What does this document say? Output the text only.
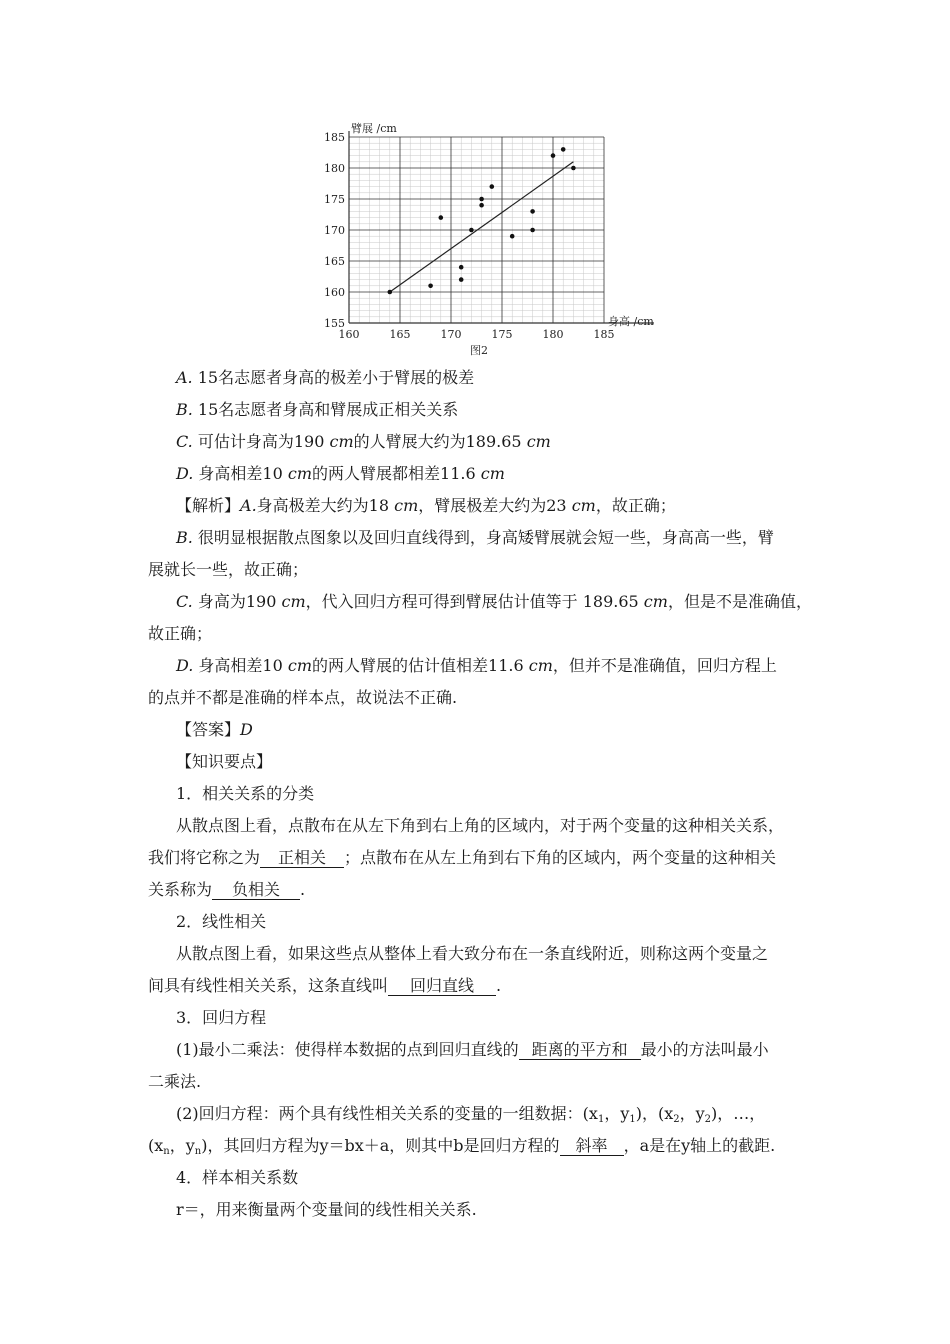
160	165	170	175	180	185
155
160
165
170
175
180
185
臂展 /cm
身高 /cm
图2
A. 15名志愿者身高的极差小于臂展的极差
B. 15名志愿者身高和臂展成正相关关系
C. 可估计身高为190 cm的人臂展大约为189.65 cm
D. 身高相差10 cm的两人臂展都相差11.6 cm
【解析】A.身高极差大约为18 cm，臂展极差大约为23 cm，故正确；
B. 很明显根据散点图象以及回归直线得到，身高矮臂展就会短一些，身高高一些，臂
展就长一些，故正确；
C. 身高为190 cm，代入回归方程可得到臂展估计值等于 189.65 cm，但是不是准确值，
故正确；
D. 身高相差10 cm的两人臂展的估计值相差11.6 cm，但并不是准确值，回归方程上
的点并不都是准确的样本点，故说法不正确.
【答案】D
【知识要点】
1．相关关系的分类
从散点图上看，点散布在从左下角到右上角的区域内，对于两个变量的这种相关关系，
我们将它称之为 正相关 ；点散布在从左上角到右下角的区域内，两个变量的这种相关
关系称为 负相关 .
2．线性相关
从散点图上看，如果这些点从整体上看大致分布在一条直线附近，则称这两个变量之
间具有线性相关关系，这条直线叫 回归直线 .
3．回归方程
(1)最小二乘法：使得样本数据的点到回归直线的 距离的平方和 最小的方法叫最小
二乘法.
(2)回归方程：两个具有线性相关关系的变量的一组数据：($x_1$，$y_1$)，($x_2$，$y_2$)，…，
($x_n$，$y_n$)，其回归方程为y＝bx＋a，则其中b是回归方程的 斜率 ，a是在y轴上的截距.
4．样本相关系数
r＝，用来衡量两个变量间的线性相关关系.
